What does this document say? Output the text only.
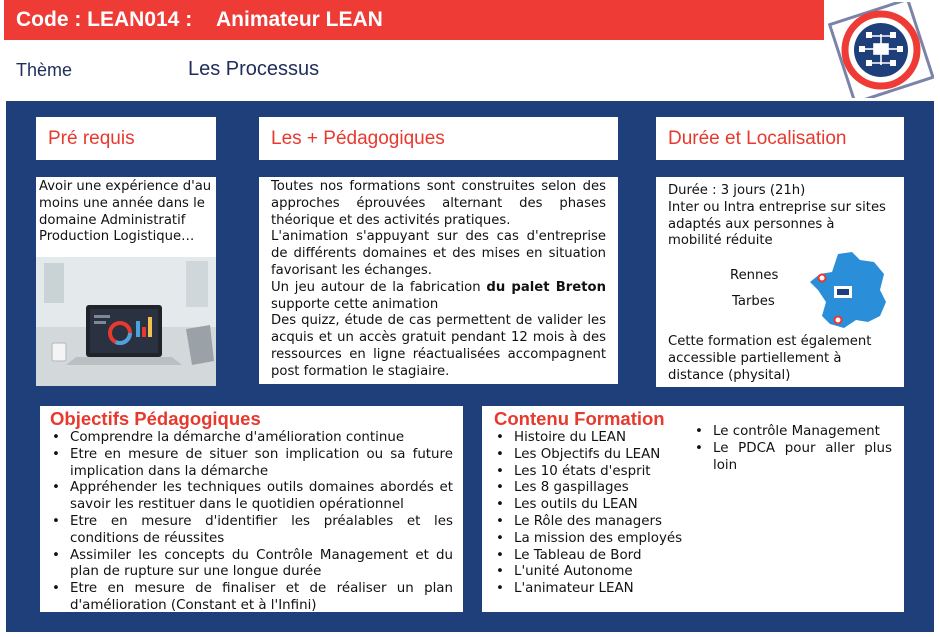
Code : LEAN014 :	Animateur LEAN
Thème	Les Processus
Pré requis	Les + Pédagogiques	Durée et Localisation
Avoir une expérience d'au moins une année dans le domaine Administratif Production Logistique…
Toutes nos formations sont construites selon des approches éprouvées alternant des phases théorique et des activités pratiques.
L'animation s'appuyant sur des cas d'entreprise de différents domaines et des mises en situation favorisant les échanges.
Un jeu autour de la fabrication du palet Breton supporte cette animation
Des quizz, étude de cas permettent de valider les acquis et un accès gratuit pendant 12 mois à des ressources en ligne réactualisées accompagnent post formation le stagiaire.
Durée : 3 jours (21h)
Inter ou Intra entreprise sur sites adaptés aux personnes à mobilité réduite
Rennes
Tarbes
Cette formation est également accessible partiellement à distance (physital)
Objectifs Pédagogiques
• Comprendre la démarche d'amélioration continue
• Etre en mesure de situer son implication ou sa future implication dans la démarche
• Appréhender les techniques outils domaines abordés et savoir les restituer dans le quotidien opérationnel
• Etre en mesure d'identifier les préalables et les conditions de réussites
• Assimiler les concepts du Contrôle Management et du plan de rupture sur une longue durée
• Etre en mesure de finaliser et de réaliser un plan d'amélioration (Constant et à l'Infini)
Contenu Formation
• Histoire du LEAN
• Les Objectifs du LEAN
• Les 10 états d'esprit
• Les 8 gaspillages
• Les outils du LEAN
• Le Rôle des managers
• La mission des employés
• Le Tableau de Bord
• L'unité Autonome
• L'animateur LEAN
• Le contrôle Management
• Le PDCA pour aller plus loin
